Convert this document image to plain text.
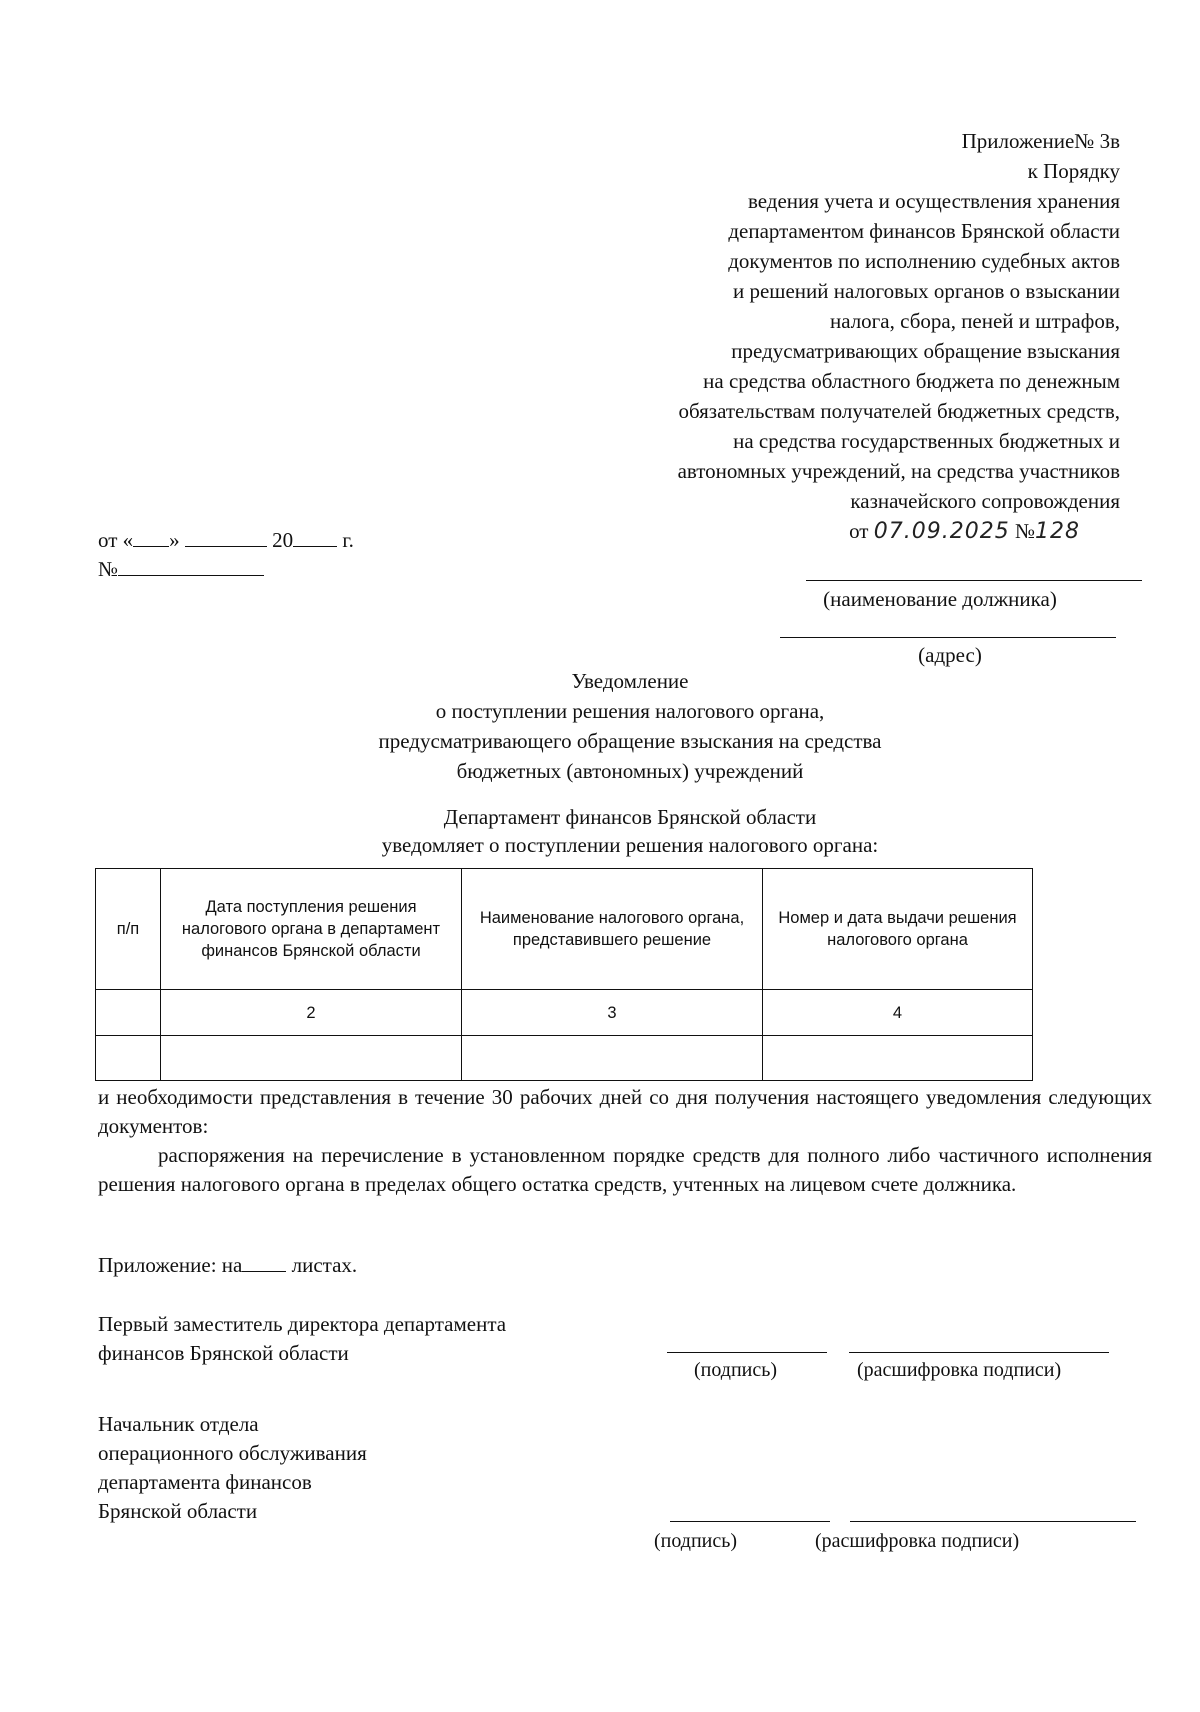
Приложение№ 3в
к Порядку
ведения учета и осуществления хранения
департаментом финансов Брянской области
документов по исполнению судебных актов
и решений налоговых органов о взыскании
налога, сбора, пеней и штрафов,
предусматривающих обращение взыскания
на средства областного бюджета по денежным
обязательствам получателей бюджетных средств,
на средства государственных бюджетных и
автономных учреждений, на средства участников
казначейского сопровождения
от 07.09.2025 №128
от « »	20 г.
№
(наименование должника)
(адрес)
Уведомление
о поступлении решения налогового органа,
предусматривающего обращение взыскания на средства
бюджетных (автономных) учреждений
Департамент финансов Брянской области
уведомляет о поступлении решения налогового органа:
п/п	Дата поступления решения налогового органа в департамент финансов Брянской области	Наименование налогового органа, представившего решение	Номер и дата выдачи решения налогового органа
	2	3	4

и необходимости представления в течение 30 рабочих дней со дня получения настоящего уведомления следующих документов:
распоряжения на перечисление в установленном порядке средств для полного либо частичного исполнения решения налогового органа в пределах общего остатка средств, учтенных на лицевом счете должника.
Приложение: на листах.
Первый заместитель директора департамента
финансов Брянской области
(подпись)	(расшифровка подписи)
Начальник отдела
операционного обслуживания
департамента финансов
Брянской области
(подпись)	(расшифровка подписи)
